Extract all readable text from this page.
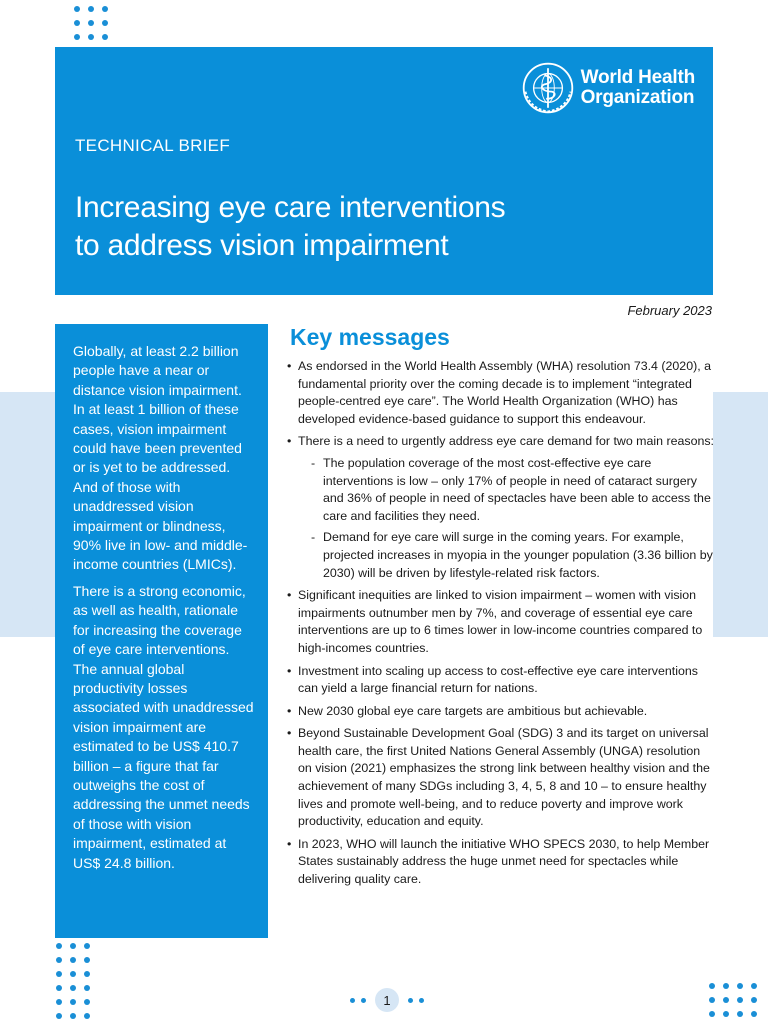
World Health
Organization
TECHNICAL BRIEF
Increasing eye care interventions
to address vision impairment
February 2023

Globally, at least 2.2 billion people have a near or distance vision impairment. In at least 1 billion of these cases, vision impairment could have been prevented or is yet to be addressed. And of those with unaddressed vision impairment or blindness, 90% live in low- and middle-income countries (LMICs).

There is a strong economic, as well as health, rationale for increasing the coverage of eye care interventions. The annual global productivity losses associated with unaddressed vision impairment are estimated to be US$ 410.7 billion – a figure that far outweighs the cost of addressing the unmet needs of those with vision impairment, estimated at US$ 24.8 billion.

Key messages
• As endorsed in the World Health Assembly (WHA) resolution 73.4 (2020), a fundamental priority over the coming decade is to implement “integrated people-centred eye care”. The World Health Organization (WHO) has developed evidence-based guidance to support this endeavour.
• There is a need to urgently address eye care demand for two main reasons:
- The population coverage of the most cost-effective eye care interventions is low – only 17% of people in need of cataract surgery and 36% of people in need of spectacles have been able to access the care and facilities they need.
- Demand for eye care will surge in the coming years. For example, projected increases in myopia in the younger population (3.36 billion by 2030) will be driven by lifestyle-related risk factors.
• Significant inequities are linked to vision impairment – women with vision impairments outnumber men by 7%, and coverage of essential eye care interventions are up to 6 times lower in low-income countries compared to high-incomes countries.
• Investment into scaling up access to cost-effective eye care interventions can yield a large financial return for nations.
• New 2030 global eye care targets are ambitious but achievable.
• Beyond Sustainable Development Goal (SDG) 3 and its target on universal health care, the first United Nations General Assembly (UNGA) resolution on vision (2021) emphasizes the strong link between healthy vision and the achievement of many SDGs including 3, 4, 5, 8 and 10 – to ensure healthy lives and promote well-being, and to reduce poverty and improve work productivity, education and equity.
• In 2023, WHO will launch the initiative WHO SPECS 2030, to help Member States sustainably address the huge unmet need for spectacles while delivering quality care.
1
